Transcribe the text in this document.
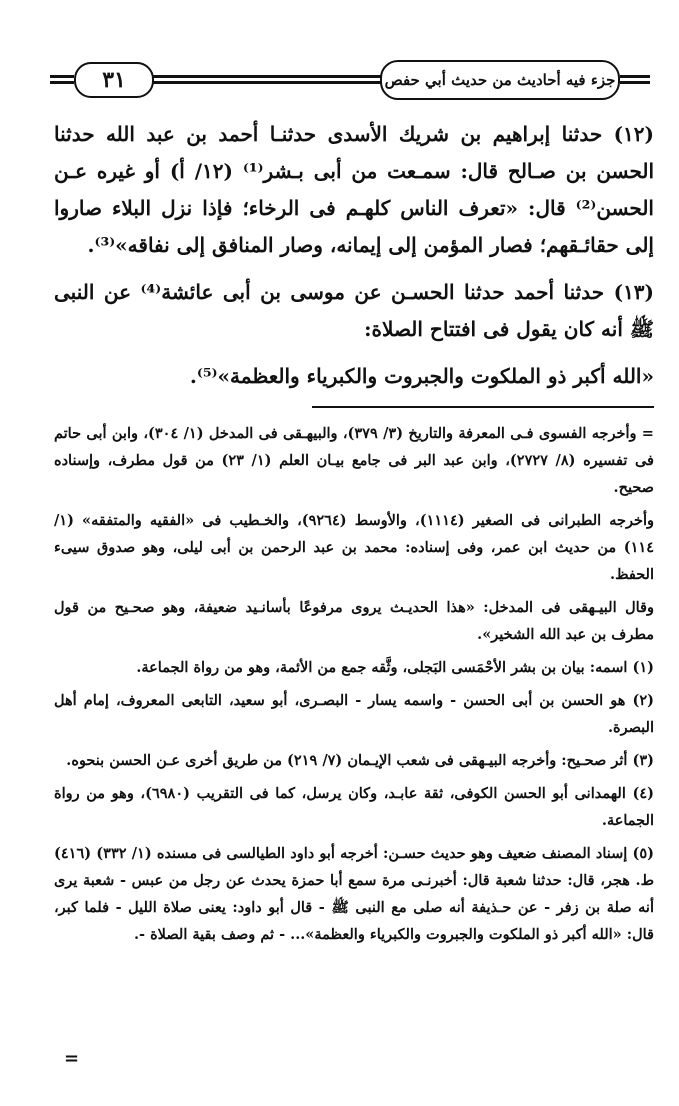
جزء فيه أحاديث من حديث أبي حفص
٣١

(١٢) حدثنا إبراهيم بن شريك الأسدى حدثنـا أحمد بن عبد الله حدثنا الحسن بن صـالح قال: سمـعت من أبى بـشر⁽¹⁾ (١٢/ أ) أو غيره عـن الحسن⁽²⁾ قال: «تعرف الناس كلهـم فى الرخاء؛ فإذا نزل البلاء صاروا إلى حقائـقهم؛ فصار المؤمن إلى إيمانه، وصار المنافق إلى نفاقه»⁽³⁾.

(١٣) حدثنا أحمد حدثنا الحسـن عن موسى بن أبى عائشة⁽⁴⁾ عن النبى ﷺ أنه كان يقول فى افتتاح الصلاة:

«الله أكبر ذو الملكوت والجبروت والكبرياء والعظمة»⁽⁵⁾.

= وأخرجه الفسوى فـى المعرفة والتاريخ (٣/ ٣٧٩)، والبيهـقى فى المدخل (١/ ٣٠٤)، وابن أبى حاتم فى تفسيره (٨/ ٢٧٢٧)، وابن عبد البر فى جامع بيـان العلم (١/ ٢٣) من قول مطرف، وإسناده صحيح.

وأخرجه الطبرانى فى الصغير (١١١٤)، والأوسط (٩٢٦٤)، والخـطيب فى «الفقيه والمتفقه» (١/ ١١٤) من حديث ابن عمر، وفى إسناده: محمد بن عبد الرحمن بن أبى ليلى، وهو صدوق سيىء الحفظ.

وقال البيـهقى فى المدخل: «هذا الحديـث يروى مرفوعًا بأسانـيد ضعيفة، وهو صحـيح من قول مطرف بن عبد الله الشخير».

(١) اسمه: بيان بن بشر الأحْمَسى البَجلى، وثَّقه جمع من الأئمة، وهو من رواة الجماعة.

(٢) هو الحسن بن أبى الحسن - واسمه يسار - البصـرى، أبو سعيد، التابعى المعروف، إمام أهل البصرة.

(٣) أثر صحـيح: وأخرجه البيـهقى فى شعب الإيـمان (٧/ ٢١٩) من طريق أخرى عـن الحسن بنحوه.

(٤) الهمدانى أبو الحسن الكوفى، ثقة عابـد، وكان يرسل، كما فى التقريب (٦٩٨٠)، وهو من رواة الجماعة.

(٥) إسناد المصنف ضعيف وهو حديث حسـن: أخرجه أبو داود الطيالسى فى مسنده (١/ ٣٣٢) (٤١٦) ط. هجر، قال: حدثنا شعبة قال: أخبرنـى مرة سمع أبا حمزة يحدث عن رجل من عبس - شعبة يرى أنه صلة بن زفر - عن حـذيفة أنه صلى مع النبى ﷺ - قال أبو داود: يعنى صلاة الليل - فلما كبر، قال: «الله أكبر ذو الملكوت والجبروت والكبرياء والعظمة»... - ثم وصف بقية الصلاة -.

=
